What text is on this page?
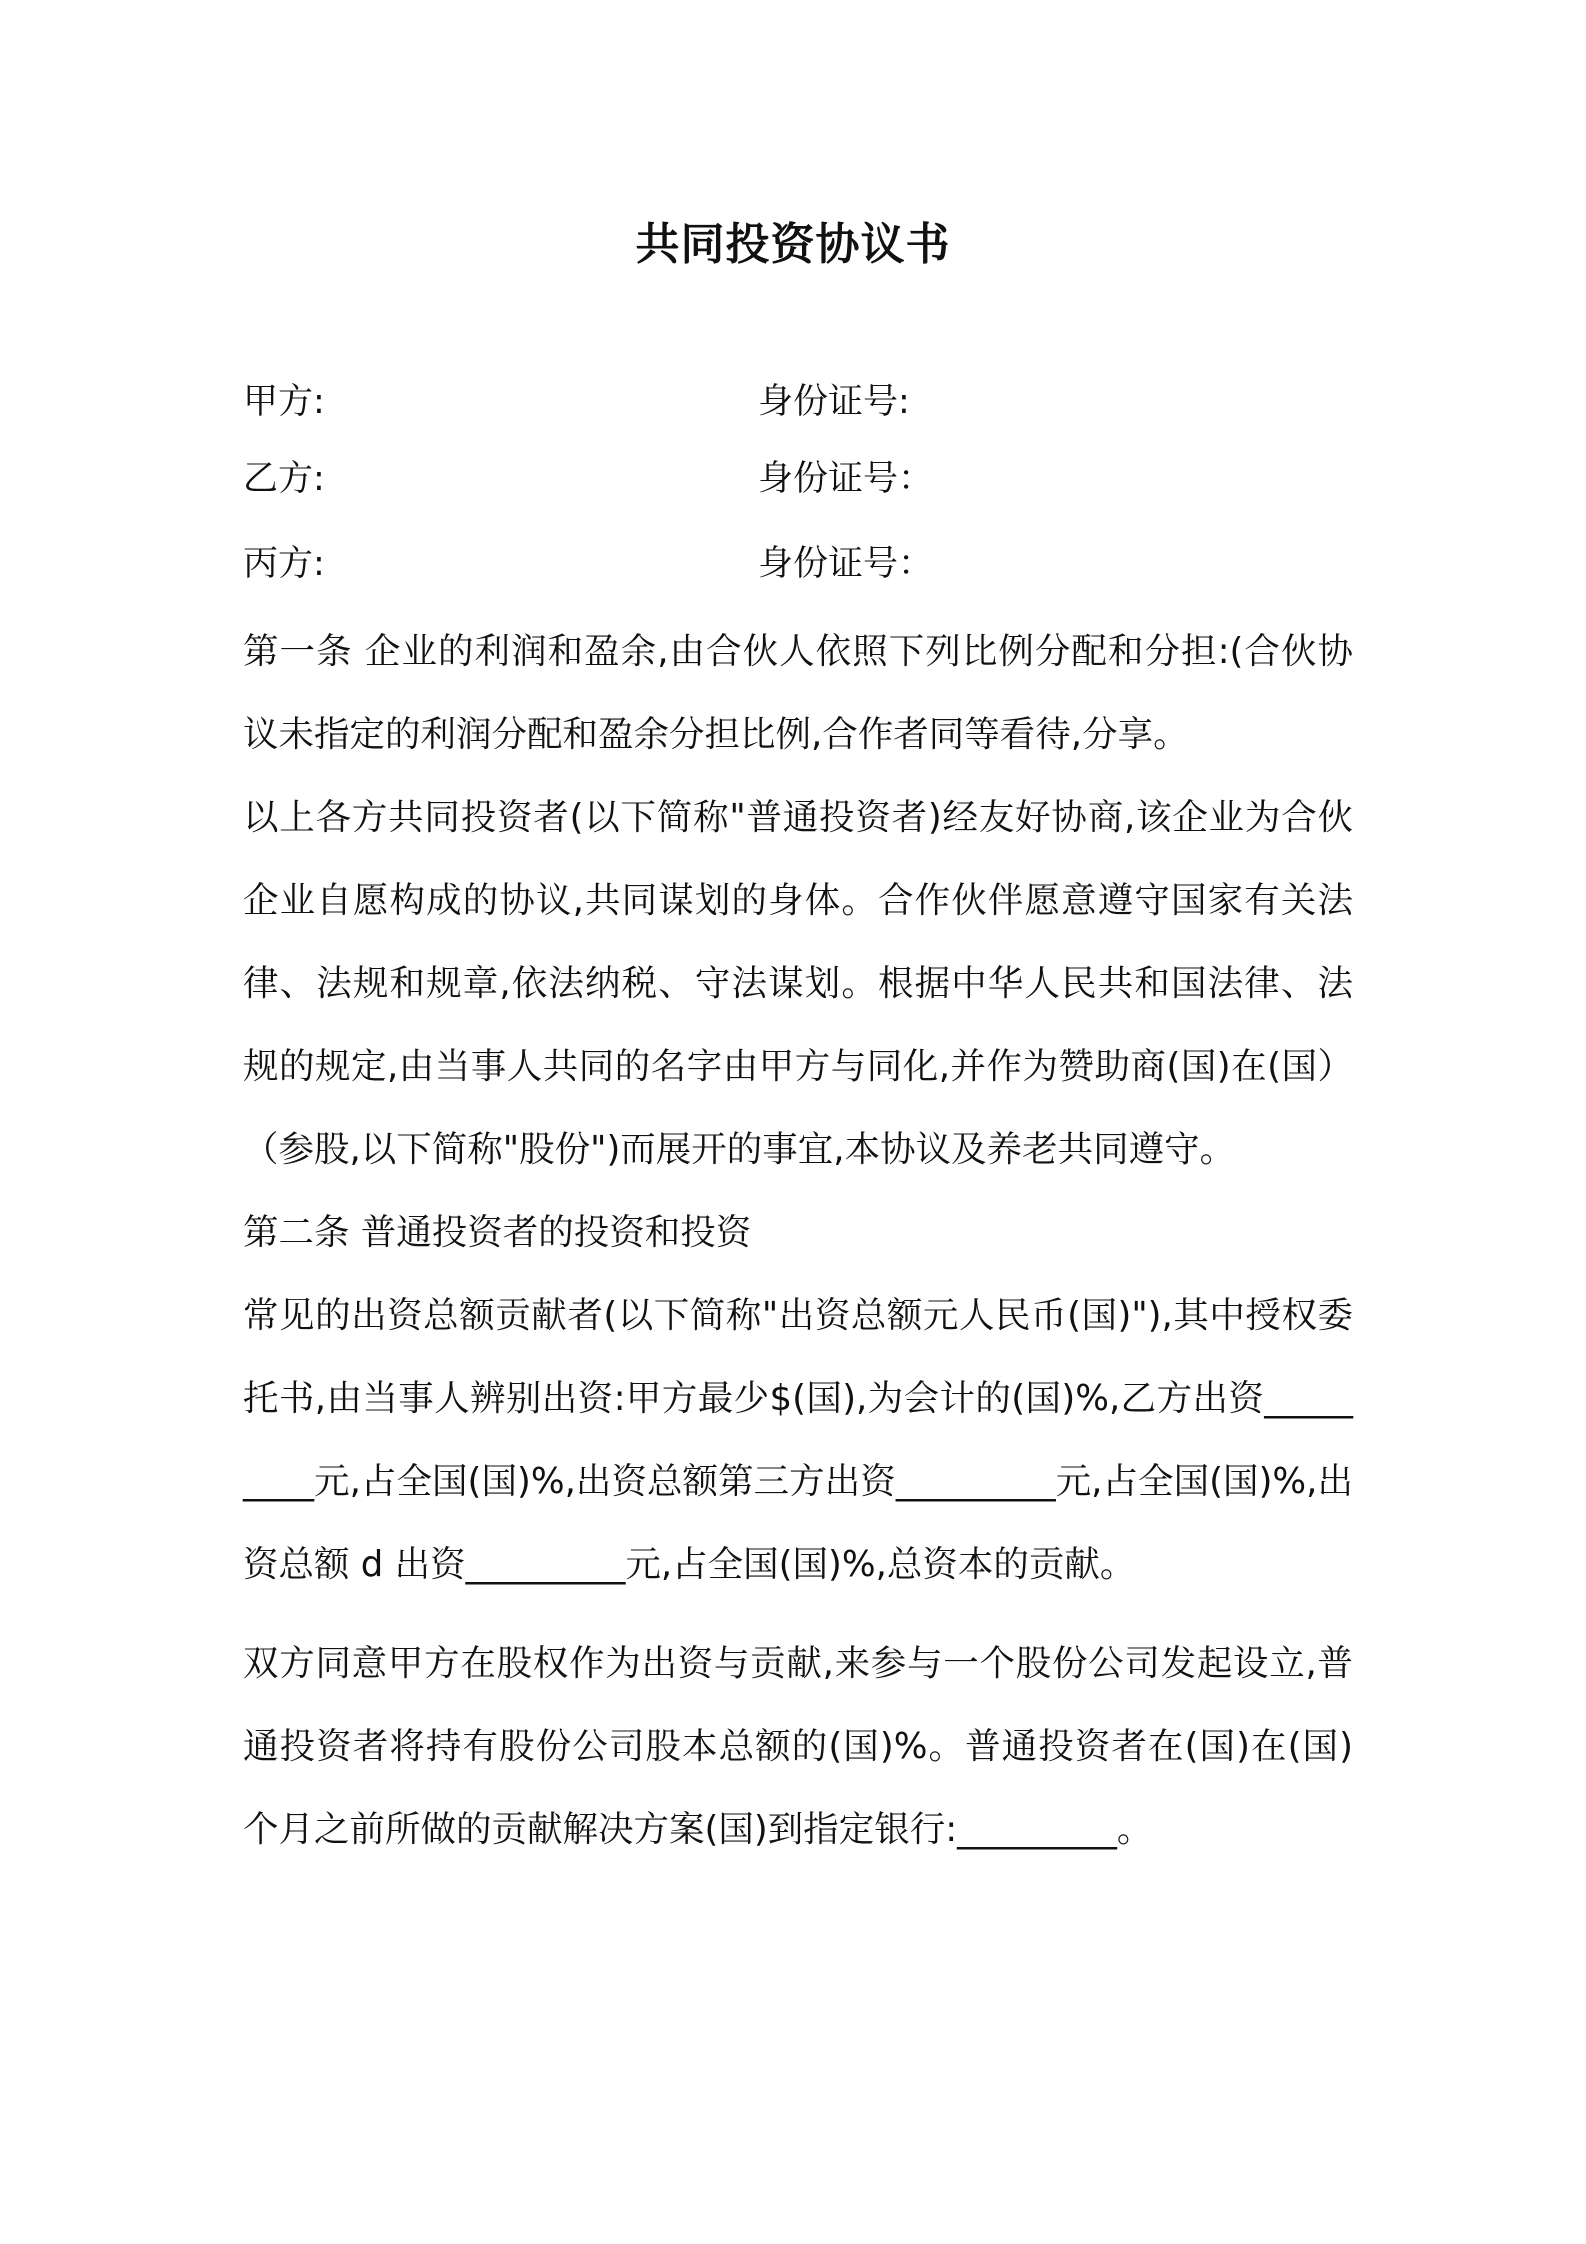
共同投资协议书
甲方:	身份证号:
乙方:	身份证号：
丙方:	身份证号：

第一条 企业的利润和盈余,由合伙人依照下列比例分配和分担:(合伙协议未指定的利润分配和盈余分担比例,合作者同等看待,分享。

以上各方共同投资者(以下简称"普通投资者)经友好协商,该企业为合伙企业自愿构成的协议,共同谋划的身体。合作伙伴愿意遵守国家有关法律、法规和规章,依法纳税、守法谋划。根据中华人民共和国法律、法规的规定,由当事人共同的名字由甲方与同化,并作为赞助商(国)在(国）（参股,以下简称"股份")而展开的事宜,本协议及养老共同遵守。

第二条 普通投资者的投资和投资

常见的出资总额贡献者(以下简称"出资总额元人民币(国)"),其中授权委托书,由当事人辨别出资:甲方最少$(国),为会计的(国)%,乙方出资_________元,占全国(国)%,出资总额第三方出资_________元,占全国(国)%,出资总额 d 出资_________元,占全国(国)%,总资本的贡献。

双方同意甲方在股权作为出资与贡献,来参与一个股份公司发起设立,普通投资者将持有股份公司股本总额的(国)%。普通投资者在(国)在(国)个月之前所做的贡献解决方案(国)到指定银行:_________。
